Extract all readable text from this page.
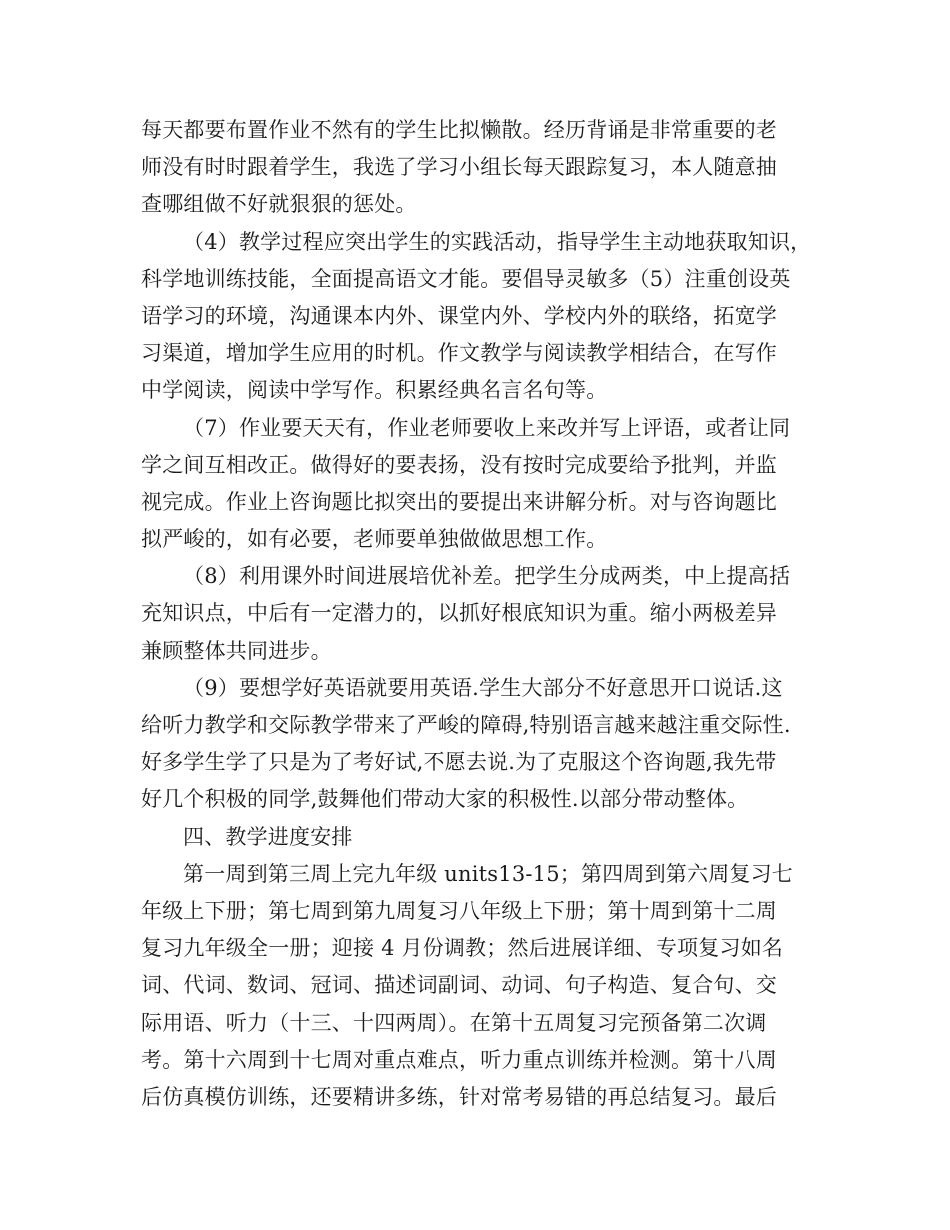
每天都要布置作业不然有的学生比拟懒散。经历背诵是非常重要的老
师没有时时跟着学生，我选了学习小组长每天跟踪复习，本人随意抽
查哪组做不好就狠狠的惩处。
（4）教学过程应突出学生的实践活动，指导学生主动地获取知识，
科学地训练技能，全面提高语文才能。要倡导灵敏多（5）注重创设英
语学习的环境，沟通课本内外、课堂内外、学校内外的联络，拓宽学
习渠道，增加学生应用的时机。作文教学与阅读教学相结合，在写作
中学阅读，阅读中学写作。积累经典名言名句等。
（7）作业要天天有，作业老师要收上来改并写上评语，或者让同
学之间互相改正。做得好的要表扬，没有按时完成要给予批判，并监
视完成。作业上咨询题比拟突出的要提出来讲解分析。对与咨询题比
拟严峻的，如有必要，老师要单独做做思想工作。
（8）利用课外时间进展培优补差。把学生分成两类，中上提高括
充知识点，中后有一定潜力的，以抓好根底知识为重。缩小两极差异
兼顾整体共同进步。
（9）要想学好英语就要用英语.学生大部分不好意思开口说话.这
给听力教学和交际教学带来了严峻的障碍,特别语言越来越注重交际性.
好多学生学了只是为了考好试,不愿去说.为了克服这个咨询题,我先带
好几个积极的同学,鼓舞他们带动大家的积极性.以部分带动整体。
四、教学进度安排
第一周到第三周上完九年级 units13-15；第四周到第六周复习七
年级上下册；第七周到第九周复习八年级上下册；第十周到第十二周
复习九年级全一册；迎接 4 月份调教；然后进展详细、专项复习如名
词、代词、数词、冠词、描述词副词、动词、句子构造、复合句、交
际用语、听力（十三、十四两周）。在第十五周复习完预备第二次调
考。第十六周到十七周对重点难点，听力重点训练并检测。第十八周
后仿真模仿训练，还要精讲多练，针对常考易错的再总结复习。最后
